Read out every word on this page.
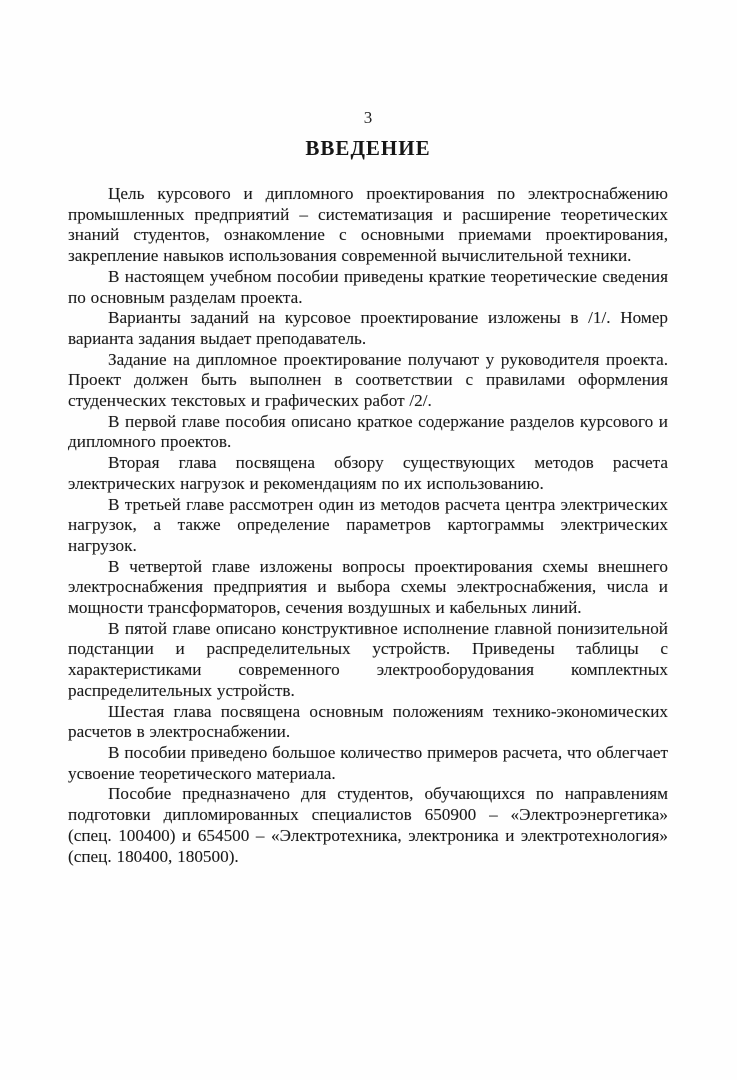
3
ВВЕДЕНИЕ

Цель курсового и дипломного проектирования по электроснабжению промышленных предприятий – систематизация и расширение теоретических знаний студентов, ознакомление с основными приемами проектирования, закрепление навыков использования современной вычислительной техники.

В настоящем учебном пособии приведены краткие теоретические сведения по основным разделам проекта.

Варианты заданий на курсовое проектирование изложены в /1/. Номер варианта задания выдает преподаватель.

Задание на дипломное проектирование получают у руководителя проекта. Проект должен быть выполнен в соответствии с правилами оформления студенческих текстовых и графических работ /2/.

В первой главе пособия описано краткое содержание разделов курсового и дипломного проектов.

Вторая глава посвящена обзору существующих методов расчета электрических нагрузок и рекомендациям по их использованию.

В третьей главе рассмотрен один из методов расчета центра электрических нагрузок, а также определение параметров картограммы электрических нагрузок.

В четвертой главе изложены вопросы проектирования схемы внешнего электроснабжения предприятия и выбора схемы электроснабжения, числа и мощности трансформаторов, сечения воздушных и кабельных линий.

В пятой главе описано конструктивное исполнение главной понизительной подстанции и распределительных устройств. Приведены таблицы с характеристиками современного электрооборудования комплектных распределительных устройств.

Шестая глава посвящена основным положениям технико-экономических расчетов в электроснабжении.

В пособии приведено большое количество примеров расчета, что облегчает усвоение теоретического материала.

Пособие предназначено для студентов, обучающихся по направлениям подготовки дипломированных специалистов 650900 – «Электроэнергетика» (спец. 100400) и 654500 – «Электротехника, электроника и электротехнология» (спец. 180400, 180500).
